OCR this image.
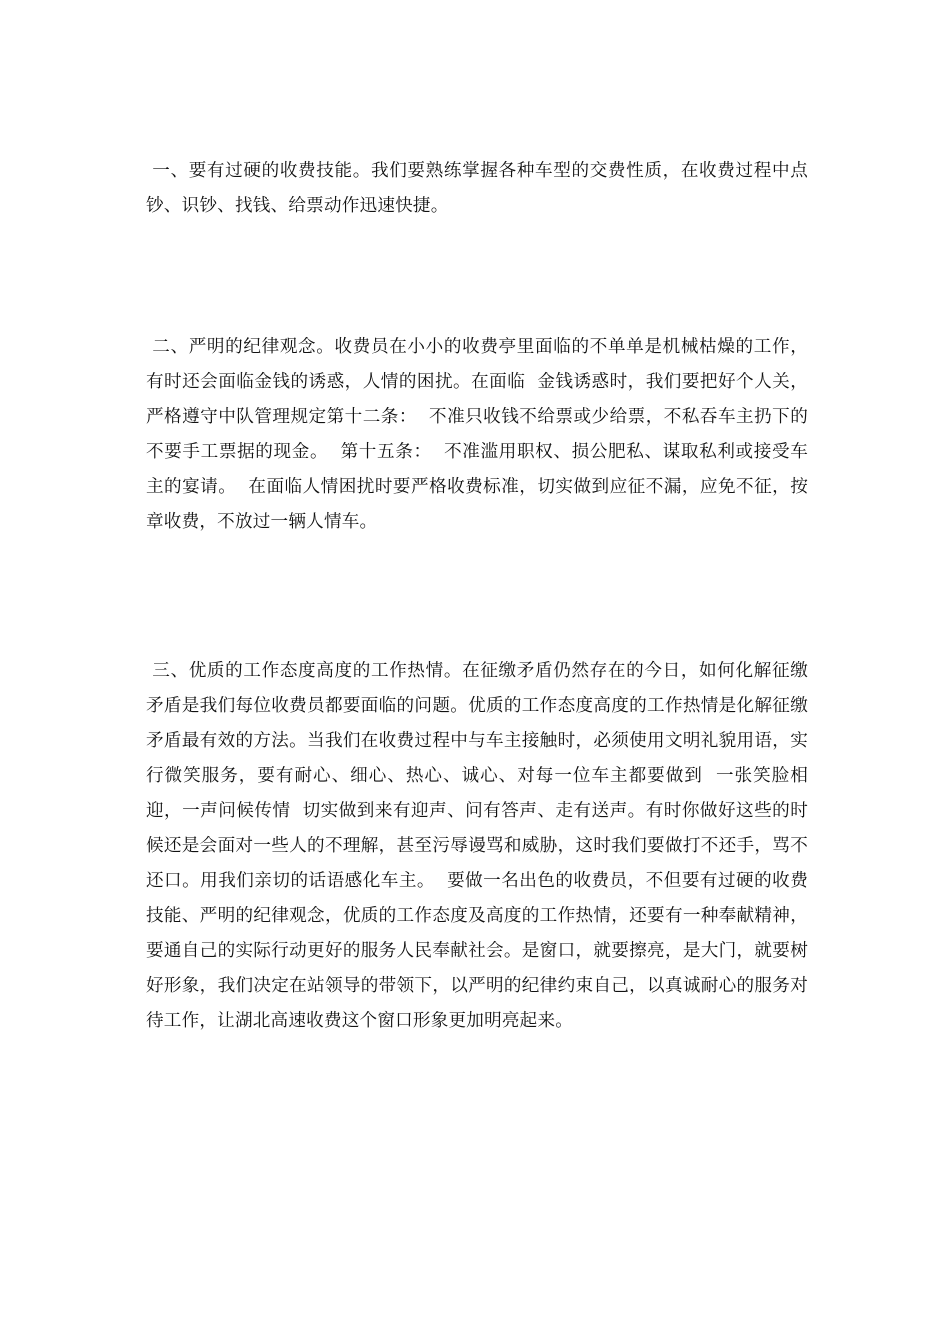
一、要有过硬的收费技能。我们要熟练掌握各种车型的交费性质，在收费过程中点钞、识钞、找钱、给票动作迅速快捷。

二、严明的纪律观念。收费员在小小的收费亭里面临的不单单是机械枯燥的工作，有时还会面临金钱的诱惑，人情的困扰。在面临  金钱诱惑时，我们要把好个人关，严格遵守中队管理规定第十二条：  不准只收钱不给票或少给票，不私吞车主扔下的不要手工票据的现金。  第十五条：  不准滥用职权、损公肥私、谋取私利或接受车主的宴请。  在面临人情困扰时要严格收费标准，切实做到应征不漏，应免不征，按章收费，不放过一辆人情车。

三、优质的工作态度高度的工作热情。在征缴矛盾仍然存在的今日，如何化解征缴矛盾是我们每位收费员都要面临的问题。优质的工作态度高度的工作热情是化解征缴矛盾最有效的方法。当我们在收费过程中与车主接触时，必须使用文明礼貌用语，实行微笑服务，要有耐心、细心、热心、诚心、对每一位车主都要做到  一张笑脸相迎，一声问候传情  切实做到来有迎声、问有答声、走有送声。有时你做好这些的时候还是会面对一些人的不理解，甚至污辱谩骂和威胁，这时我们要做打不还手，骂不还口。用我们亲切的话语感化车主。  要做一名出色的收费员，不但要有过硬的收费技能、严明的纪律观念，优质的工作态度及高度的工作热情，还要有一种奉献精神，要通自己的实际行动更好的服务人民奉献社会。是窗口，就要擦亮，是大门，就要树好形象，我们决定在站领导的带领下，以严明的纪律约束自己，以真诚耐心的服务对待工作，让湖北高速收费这个窗口形象更加明亮起来。
